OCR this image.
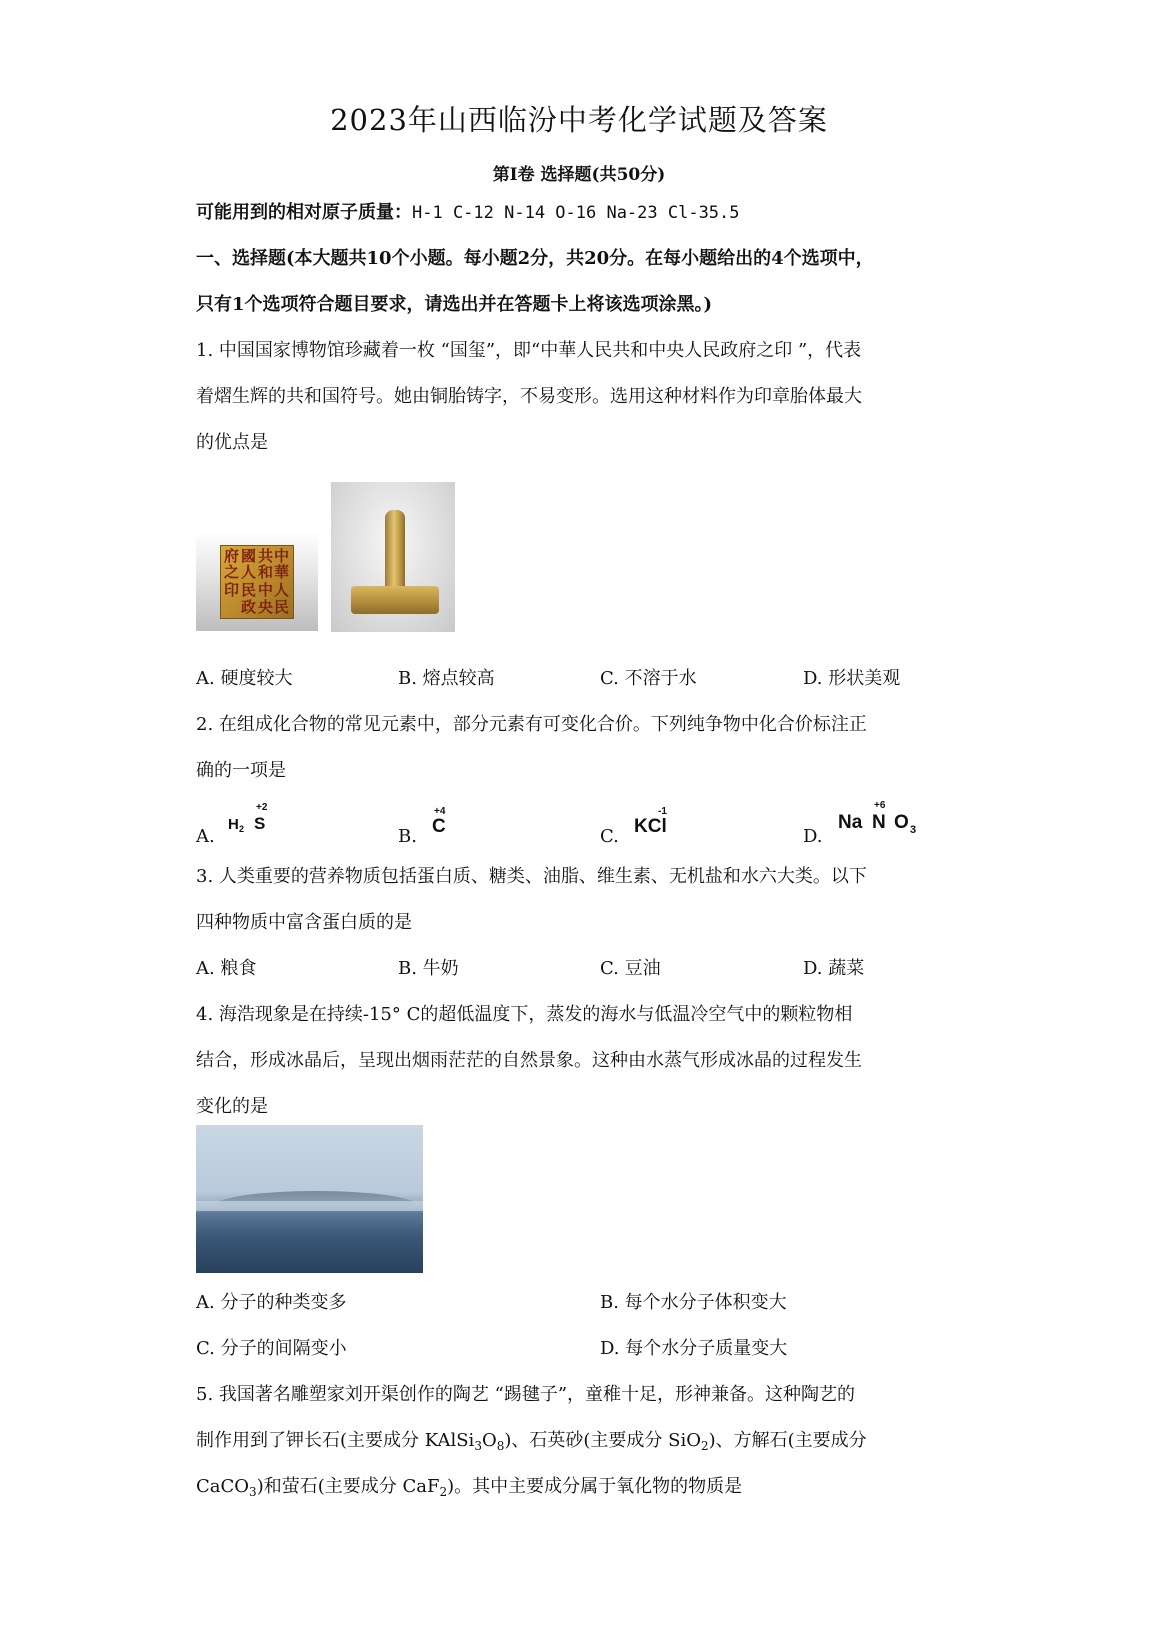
2023年山西临汾中考化学试题及答案
第Ⅰ卷 选择题(共50分)
可能用到的相对原子质量：H-1 C-12 N-14 O-16 Na-23 Cl-35.5
一、选择题(本大题共10个小题。每小题2分，共20分。在每小题给出的4个选项中，
只有1个选项符合题目要求，请选出并在答题卡上将该选项涂黑。)
1. 中国国家博物馆珍藏着一枚 “国玺”，即“中華人民共和中央人民政府之印 ”，代表
着熠生辉的共和国符号。她由铜胎铸字，不易变形。选用这种材料作为印章胎体最大
的优点是
中
華
人
民
共
和
中
央
國
人
民
政
府
之
印
A. 硬度较大	B. 熔点较高	C. 不溶于水	D. 形状美观
2. 在组成化合物的常见元素中，部分元素有可变化合价。下列纯争物中化合价标注正
确的一项是
A.
H 2 S
+2
B. C
+4
C. KCl
-1
D.
Na N O 3
+6
3. 人类重要的营养物质包括蛋白质、糖类、油脂、维生素、无机盐和水六大类。以下
四种物质中富含蛋白质的是
A. 粮食	B. 牛奶	C. 豆油	D. 蔬菜
4. 海浩现象是在持续-15° C的超低温度下，蒸发的海水与低温冷空气中的颗粒物相
结合，形成冰晶后，呈现出烟雨茫茫的自然景象。这种由水蒸气形成冰晶的过程发生
变化的是
A. 分子的种类变多	B. 每个水分子体积变大
C. 分子的间隔变小	D. 每个水分子质量变大
5. 我国著名雕塑家刘开渠创作的陶艺 “踢毽子”，童稚十足，形神兼备。这种陶艺的
制作用到了钾长石(主要成分 $KAlSi_3O_8$)、石英砂(主要成分 SiO$_2$)、方解石(主要成分
CaCO$_3$)和萤石(主要成分 CaF$_2$)。其中主要成分属于氧化物的物质是
